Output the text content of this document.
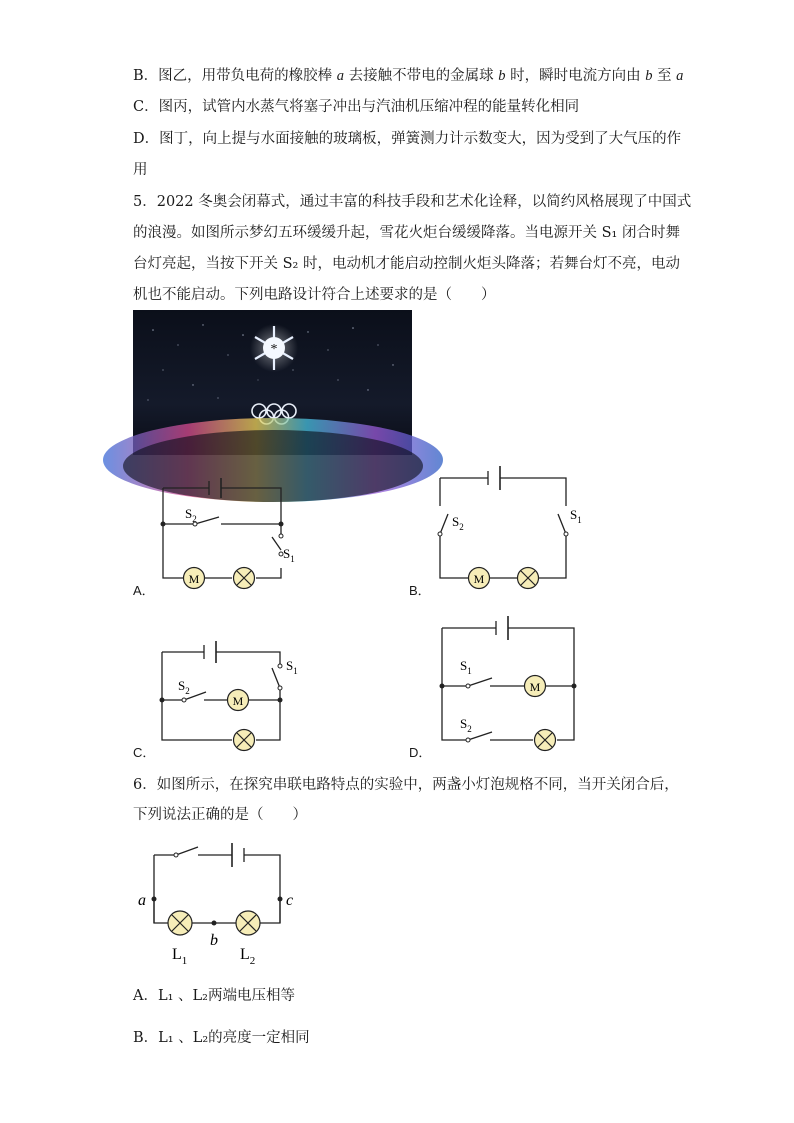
B．图乙，用带负电荷的橡胶棒 a 去接触不带电的金属球 b 时，瞬时电流方向由 b 至 a
C．图丙，试管内水蒸气将塞子冲出与汽油机压缩冲程的能量转化相同
D．图丁，向上提与水面接触的玻璃板，弹簧测力计示数变大，因为受到了大气压的作
用
5．2022 冬奥会闭幕式，通过丰富的科技手段和艺术化诠释，以简约风格展现了中国式
的浪漫。如图所示梦幻五环缓缓升起，雪花火炬台缓缓降落。当电源开关 S₁ 闭合时舞
台灯亮起，当按下开关 S₂ 时，电动机才能启动控制火炬头降落；若舞台灯不亮，电动
机也不能启动。下列电路设计符合上述要求的是（　　）
*
A．
M
$S_2$
$S_1$
B．
M
$S_2$
$S_1$
C．
M
$S_2$
$S_1$
D．
M
$S_1$
$S_2$
6．如图所示，在探究串联电路特点的实验中，两盏小灯泡规格不同，当开关闭合后，
下列说法正确的是（　　）
a	c
b
$L_1$	$L_2$
A．L₁ 、L₂两端电压相等
B．L₁ 、L₂的亮度一定相同
